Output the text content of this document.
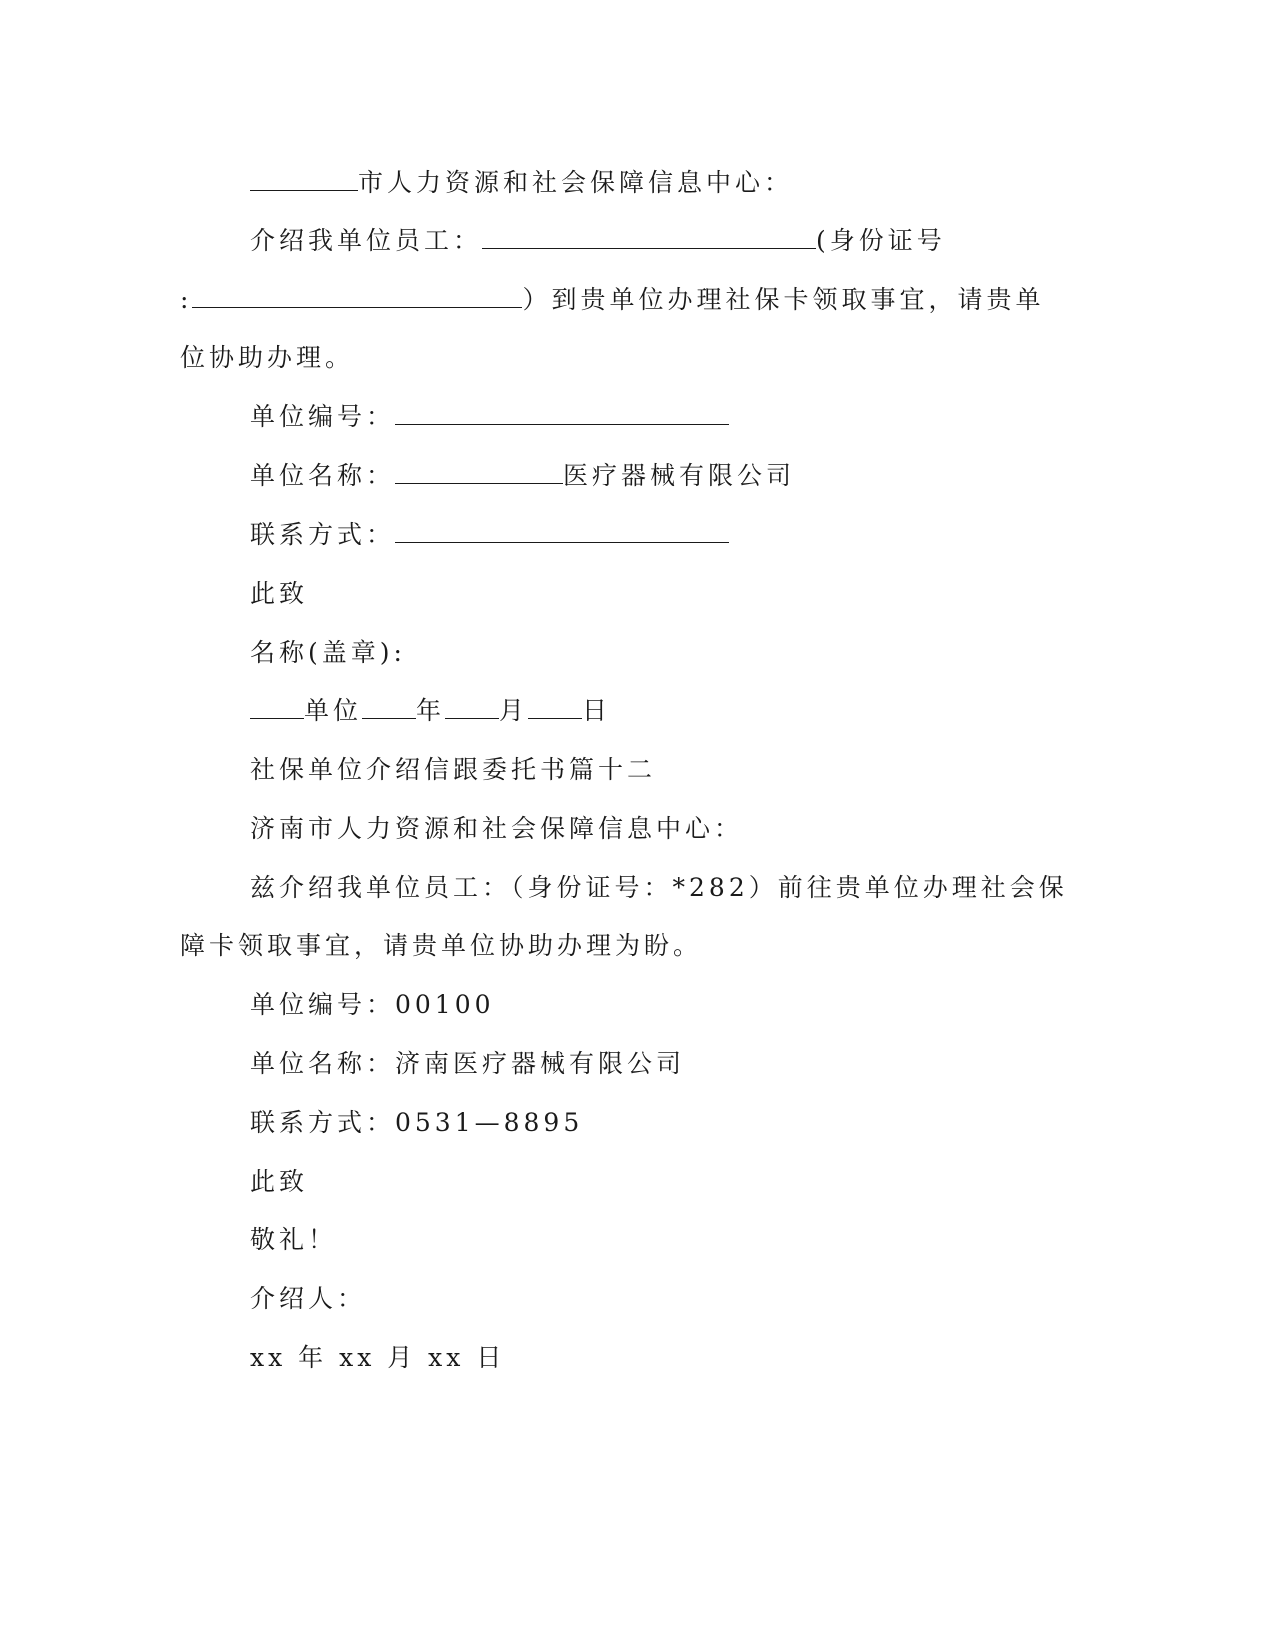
市人力资源和社会保障信息中心：
介绍我单位员工：	(身份证号
:	）到贵单位办理社保卡领取事宜，请贵单
位协助办理。
单位编号：
单位名称：	医疗器械有限公司
联系方式：
此致
名称(盖章):
单位 年 月 日
社保单位介绍信跟委托书篇十二
济南市人力资源和社会保障信息中心：
兹介绍我单位员工：（身份证号：*282）前往贵单位办理社会保
障卡领取事宜，请贵单位协助办理为盼。
单位编号：00100
单位名称：济南医疗器械有限公司
联系方式：0531—8895
此致
敬礼！
介绍人：
xx 年 xx 月 xx 日
